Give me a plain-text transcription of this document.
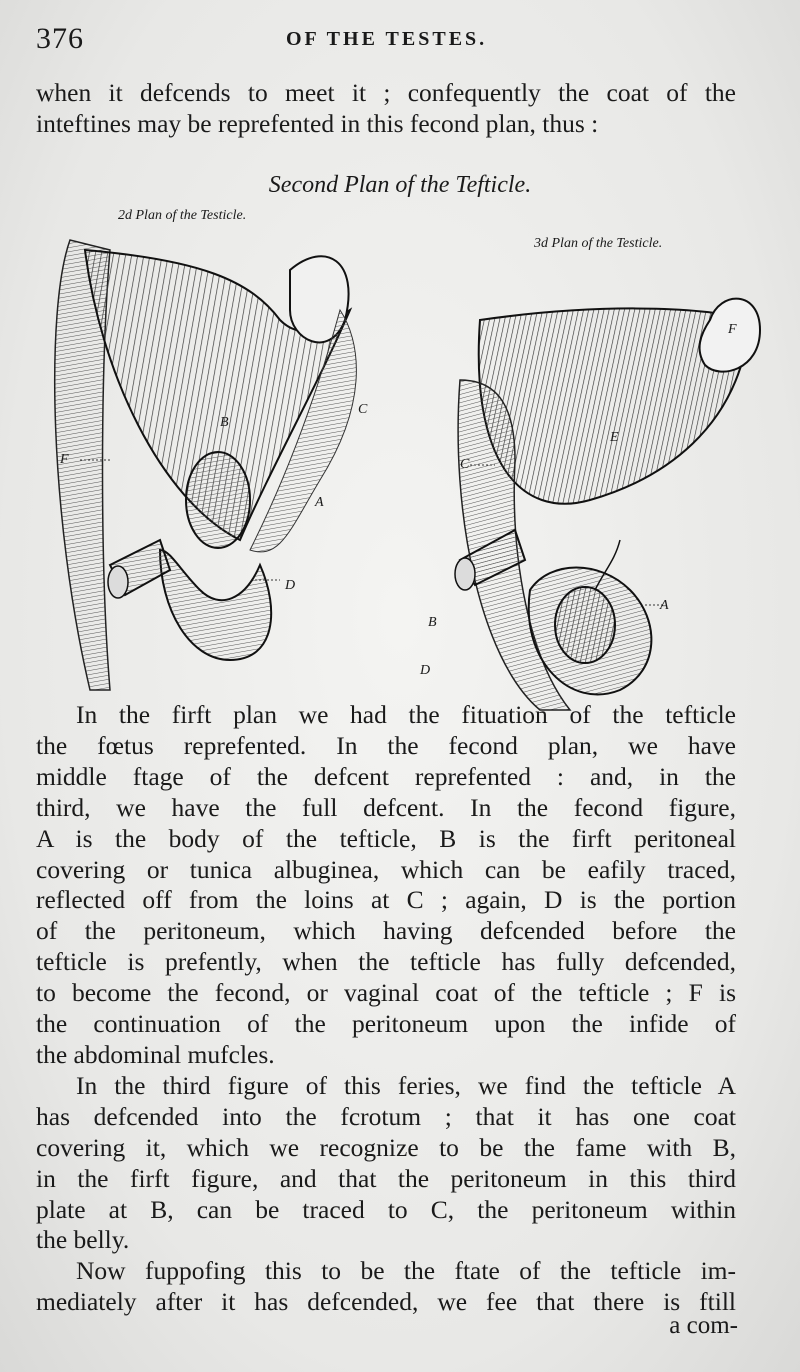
376	OF THE TESTES.
when it defcends to meet it ; confequently the coat of the
inteftines may be reprefented in this fecond plan, thus :
Second Plan of the Tefticle.
2d Plan of the Testicle.
3d Plan of the Testicle.
B
C
F
A
D
F
E
C
A
B
D
In the firft plan we had the fituation of the tefticle
the fœtus reprefented. In the fecond plan, we have
middle ftage of the defcent reprefented : and, in the
third, we have the full defcent. In the fecond figure,
A is the body of the tefticle, B is the firft peritoneal
covering or tunica albuginea, which can be eafily traced,
reflected off from the loins at C ; again, D is the portion
of the peritoneum, which having defcended before the
tefticle is prefently, when the tefticle has fully defcended,
to become the fecond, or vaginal coat of the tefticle ; F is
the continuation of the peritoneum upon the infide of
the abdominal mufcles.
In the third figure of this feries, we find the tefticle A
has defcended into the fcrotum ; that it has one coat
covering it, which we recognize to be the fame with B,
in the firft figure, and that the peritoneum in this third
plate at B, can be traced to C, the peritoneum within
the belly.
Now fuppofing this to be the ftate of the tefticle im-
mediately after it has defcended, we fee that there is ftill
a com-
